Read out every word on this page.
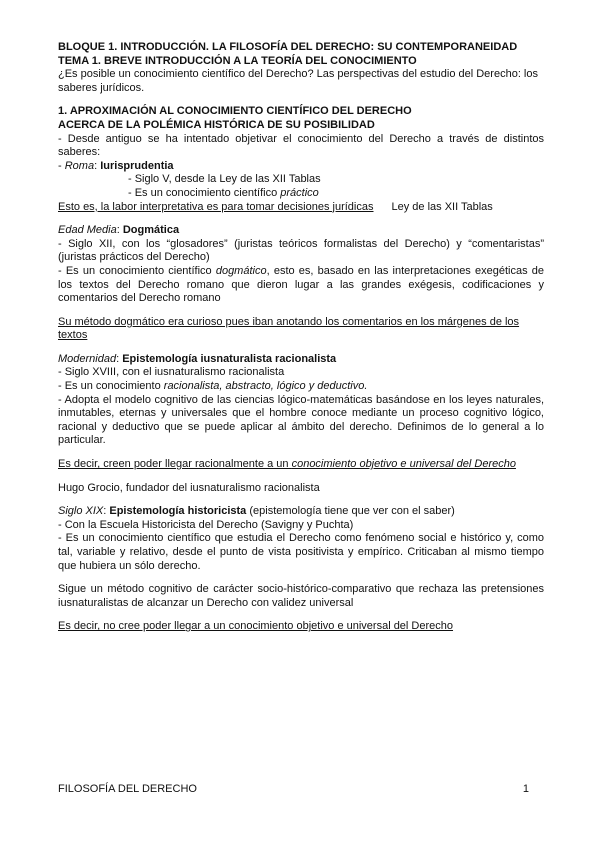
BLOQUE 1. INTRODUCCIÓN. LA FILOSOFÍA DEL DERECHO: SU CONTEMPORANEIDAD

TEMA 1. BREVE INTRODUCCIÓN A LA TEORÍA DEL CONOCIMIENTO

¿Es posible un conocimiento científico del Derecho? Las perspectivas del estudio del Derecho: los saberes jurídicos.

1. APROXIMACIÓN AL CONOCIMIENTO CIENTÍFICO DEL DERECHO

ACERCA DE LA POLÉMICA HISTÓRICA DE SU POSIBILIDAD

- Desde antiguo se ha intentado objetivar el conocimiento del Derecho a través de distintos saberes:

- Roma: Iurisprudentia

- Siglo V, desde la Ley de las XII Tablas

- Es un conocimiento científico práctico

Esto es, la labor interpretativa es para tomar decisiones jurídicas Ley de las XII Tablas

Edad Media: Dogmática

- Siglo XII, con los “glosadores” (juristas teóricos formalistas del Derecho) y “comentaristas” (juristas prácticos del Derecho)

- Es un conocimiento científico dogmático, esto es, basado en las interpretaciones exegéticas de los textos del Derecho romano que dieron lugar a las grandes exégesis, codificaciones y comentarios del Derecho romano

Su método dogmático era curioso pues iban anotando los comentarios en los márgenes de los textos

Modernidad: Epistemología iusnaturalista racionalista

- Siglo XVIII, con el iusnaturalismo racionalista

- Es un conocimiento racionalista, abstracto, lógico y deductivo.

- Adopta el modelo cognitivo de las ciencias lógico-matemáticas basándose en los leyes naturales, inmutables, eternas y universales que el hombre conoce mediante un proceso cognitivo lógico, racional y deductivo que se puede aplicar al ámbito del derecho. Definimos de lo general a lo particular.

Es decir, creen poder llegar racionalmente a un conocimiento objetivo e universal del Derecho

Hugo Grocio, fundador del iusnaturalismo racionalista

Siglo XIX: Epistemología historicista (epistemología tiene que ver con el saber)

- Con la Escuela Historicista del Derecho (Savigny y Puchta)

- Es un conocimiento científico que estudia el Derecho como fenómeno social e histórico y, como tal, variable y relativo, desde el punto de vista positivista y empírico. Criticaban al mismo tiempo que hubiera un sólo derecho.

Sigue un método cognitivo de carácter socio-histórico-comparativo que rechaza las pretensiones iusnaturalistas de alcanzar un Derecho con validez universal

Es decir, no cree poder llegar a un conocimiento objetivo e universal del Derecho

FILOSOFÍA DEL DERECHO	1
